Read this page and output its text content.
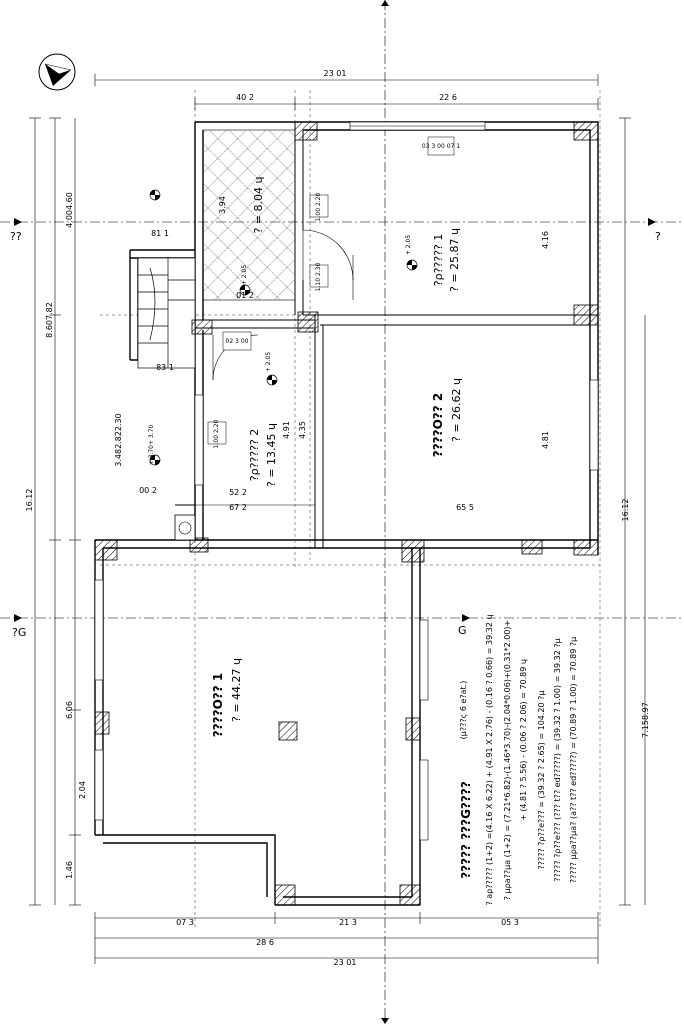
23 01
40 2	22 6
07 3	21 3	05 3
28 6
23 01
16.12
4.004.60
8.607.82
3.482.822.30
6.06
2.04
1.46
16.12
7.158.97
??	?
?G	G
81 1
83 1
00 2	52 2
67 2	65 5
01 2
3.94
4.16
4.91 4.35
4.81
+ 3.70+ 3.70
+ 2.05
+ 2.05
+ 2.05
1.00 2.20
1.10 2.30
02 3 00
1.00 2.20
03 3 00 07 1
? = 8.04 ɥ
?ρ????? 1 ? = 25.87 ɥ
????O?? 2 ? = 26.62 ɥ
?ρ????? 2 ? = 13.45 ɥ
????O?? 1 ? = 44.27 ɥ
????? ???G????
(μ???ς 6 e?at.) ? aρ????? (1+2) =(4.16 X 6.22) + (4.91 X 2.76) - (0.16 ? 0.66) = 39.32 ɥ ? μρa??μa (1+2) = (7.21*6.82)-(1.46*3.70)-(2.04*0.06)+(0.31*2.00)+ + (4.81 ? 5.56) - (0.06 ? 2.06) = 70.89 ɥ ????? ?ρ??e??? = (39.32 ? 2.65) = 104.20 ?μ ????? ?ρ??e??? (??? t?? ed?????) = (39.32 ? 1.00) = 39.32 ?μ ????? μρa??μa? (a?? t?? ed?????) = (70.89 ? 1.00) = 70.89 ?μ
